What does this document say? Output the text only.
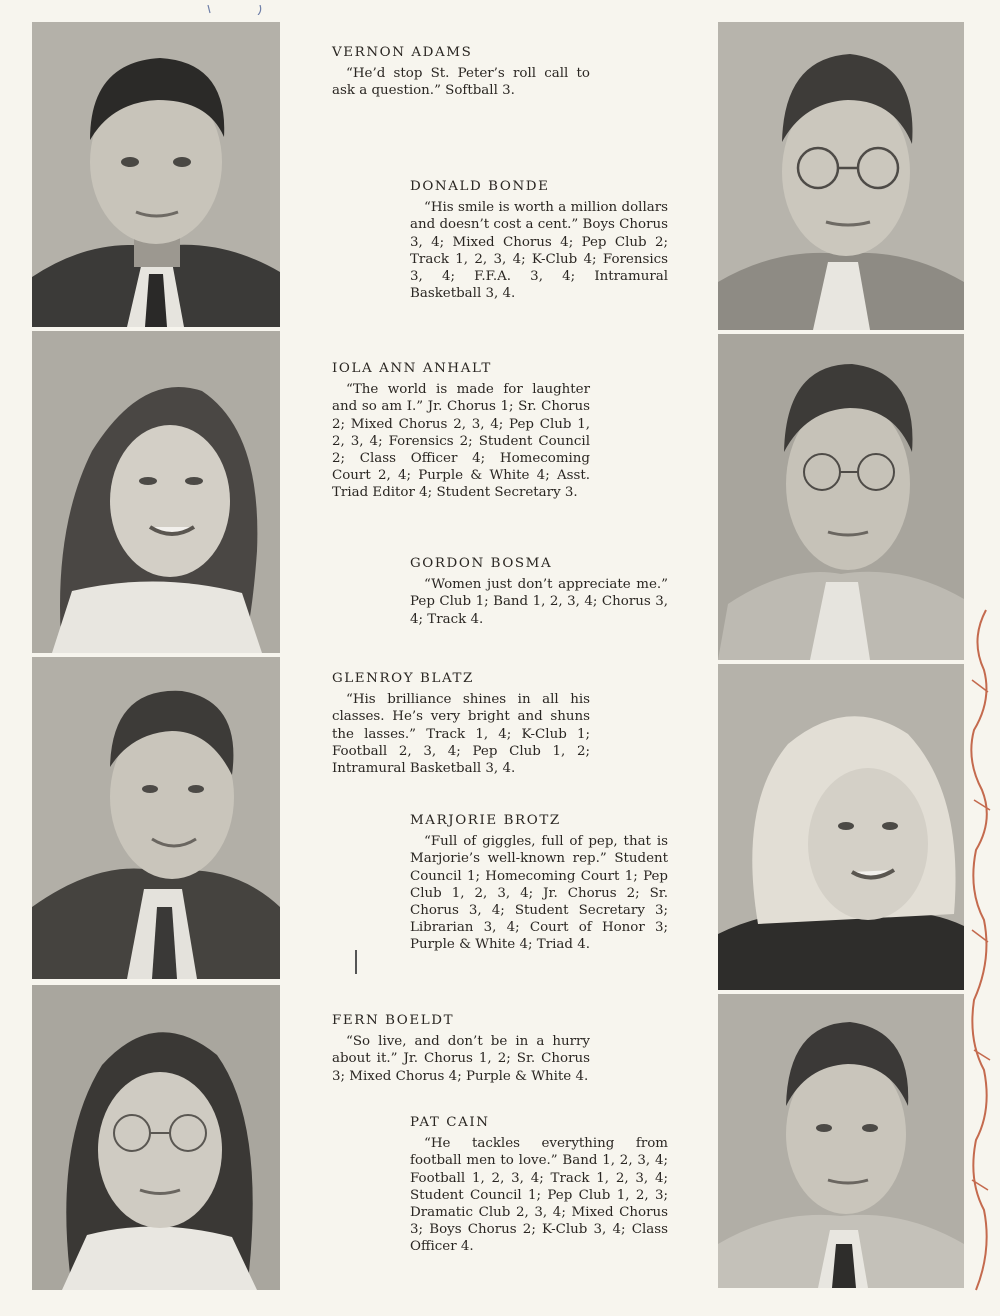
VERNON ADAMS
“He’d stop St. Peter’s roll call to ask a question.” Softball 3.
DONALD BONDE
“His smile is worth a million dollars and doesn’t cost a cent.” Boys Chorus 3, 4; Mixed Chorus 4; Pep Club 2; Track 1, 2, 3, 4; K-Club 4; Forensics 3, 4; F.F.A. 3, 4; Intramural Basketball 3, 4.
IOLA ANN ANHALT
“The world is made for laughter and so am I.” Jr. Chorus 1; Sr. Chorus 2; Mixed Chorus 2, 3, 4; Pep Club 1, 2, 3, 4; Forensics 2; Student Council 2; Class Officer 4; Homecoming Court 2, 4; Purple & White 4; Asst. Triad Editor 4; Student Secretary 3.
GORDON BOSMA
“Women just don’t appreciate me.” Pep Club 1; Band 1, 2, 3, 4; Chorus 3, 4; Track 4.
GLENROY BLATZ
“His brilliance shines in all his classes. He’s very bright and shuns the lasses.” Track 1, 4; K-Club 1; Football 2, 3, 4; Pep Club 1, 2; Intramural Basketball 3, 4.
MARJORIE BROTZ
“Full of giggles, full of pep, that is Marjorie’s well-known rep.” Student Council 1; Homecoming Court 1; Pep Club 1, 2, 3, 4; Jr. Chorus 2; Sr. Chorus 3, 4; Student Secretary 3; Librarian 3, 4; Court of Honor 3; Purple & White 4; Triad 4.
FERN BOELDT
“So live, and don’t be in a hurry about it.” Jr. Chorus 1, 2; Sr. Chorus 3; Mixed Chorus 4; Purple & White 4.
PAT CAIN
“He tackles everything from football men to love.” Band 1, 2, 3, 4; Football 1, 2, 3, 4; Track 1, 2, 3, 4; Student Council 1; Pep Club 1, 2, 3; Dramatic Club 2, 3, 4; Mixed Chorus 3; Boys Chorus 2; K-Club 3, 4; Class Officer 4.
